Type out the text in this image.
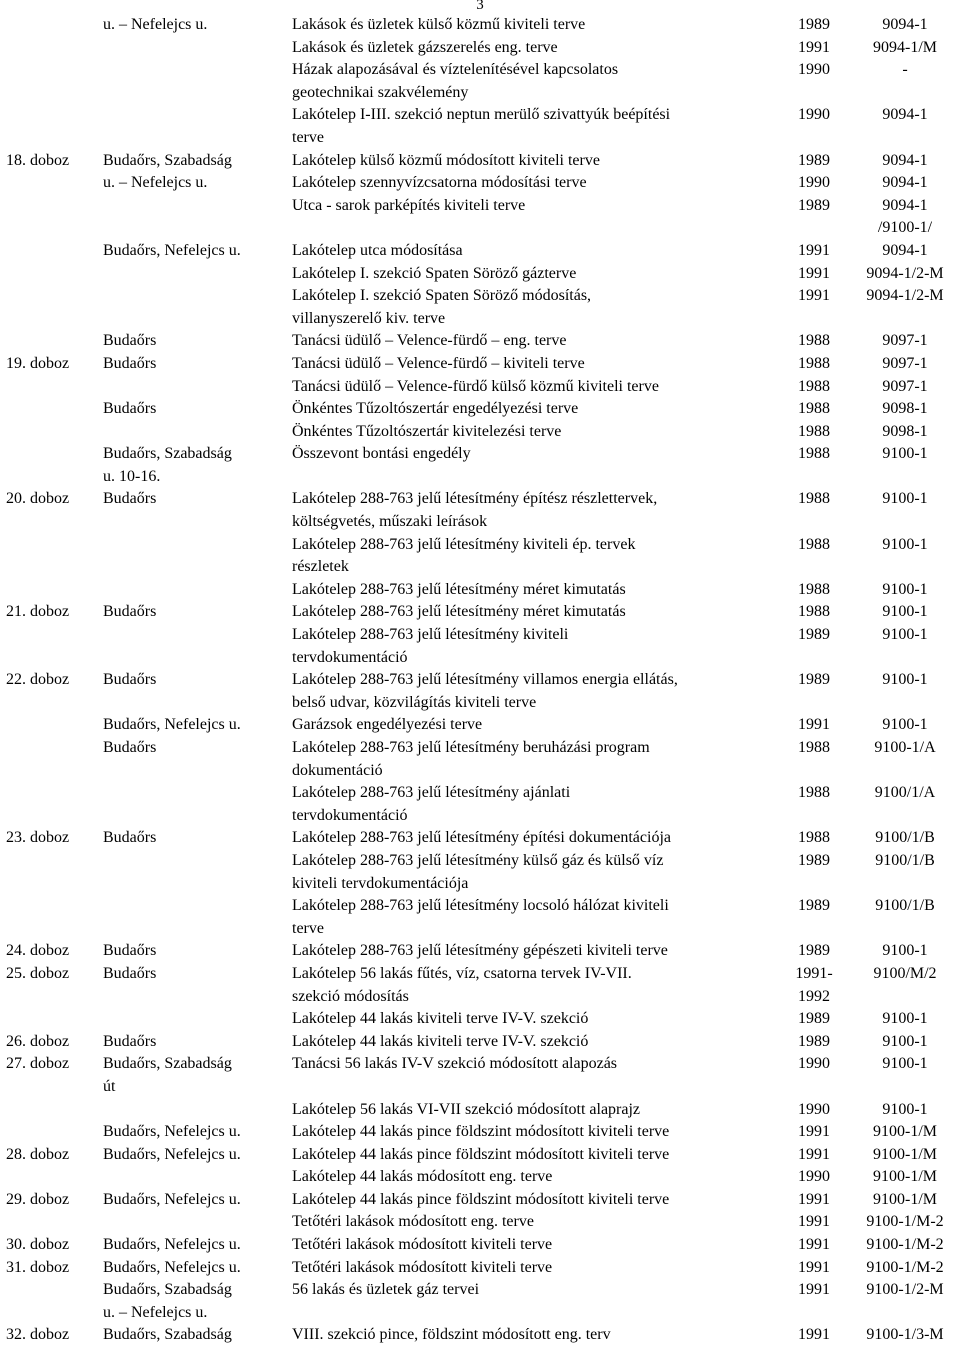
3
	u. – Nefelejcs u.	Lakások és üzletek külső közmű kiviteli terve	1989	9094-1
		Lakások és üzletek gázszerelés eng. terve	1991	9094-1/M
		Házak alapozásával és víztelenítésével kapcsolatos	1990	-
		geotechnikai szakvélemény		
		Lakótelep I-III. szekció neptun merülő szivattyúk beépítési	1990	9094-1
		terve		
18. doboz	Budaőrs, Szabadság	Lakótelep külső közmű módosított kiviteli terve	1989	9094-1
	u. – Nefelejcs u.	Lakótelep szennyvízcsatorna módosítási terve	1990	9094-1
		Utca - sarok parképítés kiviteli terve	1989	9094-1
				/9100-1/
	Budaőrs, Nefelejcs u.	Lakótelep utca módosítása	1991	9094-1
		Lakótelep I. szekció Spaten Söröző gázterve	1991	9094-1/2-M
		Lakótelep I. szekció Spaten Söröző módosítás,	1991	9094-1/2-M
		villanyszerelő kiv. terve		
	Budaőrs	Tanácsi üdülő – Velence-fürdő – eng. terve	1988	9097-1
19. doboz	Budaőrs	Tanácsi üdülő – Velence-fürdő – kiviteli terve	1988	9097-1
		Tanácsi üdülő – Velence-fürdő külső közmű kiviteli terve	1988	9097-1
	Budaőrs	Önkéntes Tűzoltószertár engedélyezési terve	1988	9098-1
		Önkéntes Tűzoltószertár kivitelezési terve	1988	9098-1
	Budaőrs, Szabadság	Összevont bontási engedély	1988	9100-1
	u. 10-16.			
20. doboz	Budaőrs	Lakótelep 288-763 jelű létesítmény építész részlettervek,	1988	9100-1
		költségvetés, műszaki leírások		
		Lakótelep 288-763 jelű létesítmény kiviteli ép. tervek	1988	9100-1
		részletek		
		Lakótelep 288-763 jelű létesítmény méret kimutatás	1988	9100-1
21. doboz	Budaőrs	Lakótelep 288-763 jelű létesítmény méret kimutatás	1988	9100-1
		Lakótelep 288-763 jelű létesítmény kiviteli	1989	9100-1
		tervdokumentáció		
22. doboz	Budaőrs	Lakótelep 288-763 jelű létesítmény villamos energia ellátás,	1989	9100-1
		belső udvar, közvilágítás kiviteli terve		
	Budaőrs, Nefelejcs u.	Garázsok engedélyezési terve	1991	9100-1
	Budaőrs	Lakótelep 288-763 jelű létesítmény beruházási program	1988	9100-1/A
		dokumentáció		
		Lakótelep 288-763 jelű létesítmény ajánlati	1988	9100/1/A
		tervdokumentáció		
23. doboz	Budaőrs	Lakótelep 288-763 jelű létesítmény építési dokumentációja	1988	9100/1/B
		Lakótelep 288-763 jelű létesítmény külső gáz és külső víz	1989	9100/1/B
		kiviteli tervdokumentációja		
		Lakótelep 288-763 jelű létesítmény locsoló hálózat kiviteli	1989	9100/1/B
		terve		
24. doboz	Budaőrs	Lakótelep 288-763 jelű létesítmény gépészeti kiviteli terve	1989	9100-1
25. doboz	Budaőrs	Lakótelep 56 lakás fűtés, víz, csatorna tervek IV-VII.	1991-	9100/M/2
		szekció módosítás	1992	
		Lakótelep 44 lakás kiviteli terve IV-V. szekció	1989	9100-1
26. doboz	Budaőrs	Lakótelep 44 lakás kiviteli terve IV-V. szekció	1989	9100-1
27. doboz	Budaőrs, Szabadság	Tanácsi 56 lakás IV-V szekció módosított alapozás	1990	9100-1
	út			
		Lakótelep 56 lakás VI-VII szekció módosított alaprajz	1990	9100-1
	Budaőrs, Nefelejcs u.	Lakótelep 44 lakás pince földszint módosított kiviteli terve	1991	9100-1/M
28. doboz	Budaőrs, Nefelejcs u.	Lakótelep 44 lakás pince földszint módosított kiviteli terve	1991	9100-1/M
		Lakótelep 44 lakás módosított eng. terve	1990	9100-1/M
29. doboz	Budaőrs, Nefelejcs u.	Lakótelep 44 lakás pince földszint módosított kiviteli terve	1991	9100-1/M
		Tetőtéri lakások módosított eng. terve	1991	9100-1/M-2
30. doboz	Budaőrs, Nefelejcs u.	Tetőtéri lakások módosított kiviteli terve	1991	9100-1/M-2
31. doboz	Budaőrs, Nefelejcs u.	Tetőtéri lakások módosított kiviteli terve	1991	9100-1/M-2
	Budaőrs, Szabadság	56 lakás és üzletek gáz tervei	1991	9100-1/2-M
	u. – Nefelejcs u.			
32. doboz	Budaőrs, Szabadság	VIII. szekció pince, földszint módosított eng. terv	1991	9100-1/3-M
